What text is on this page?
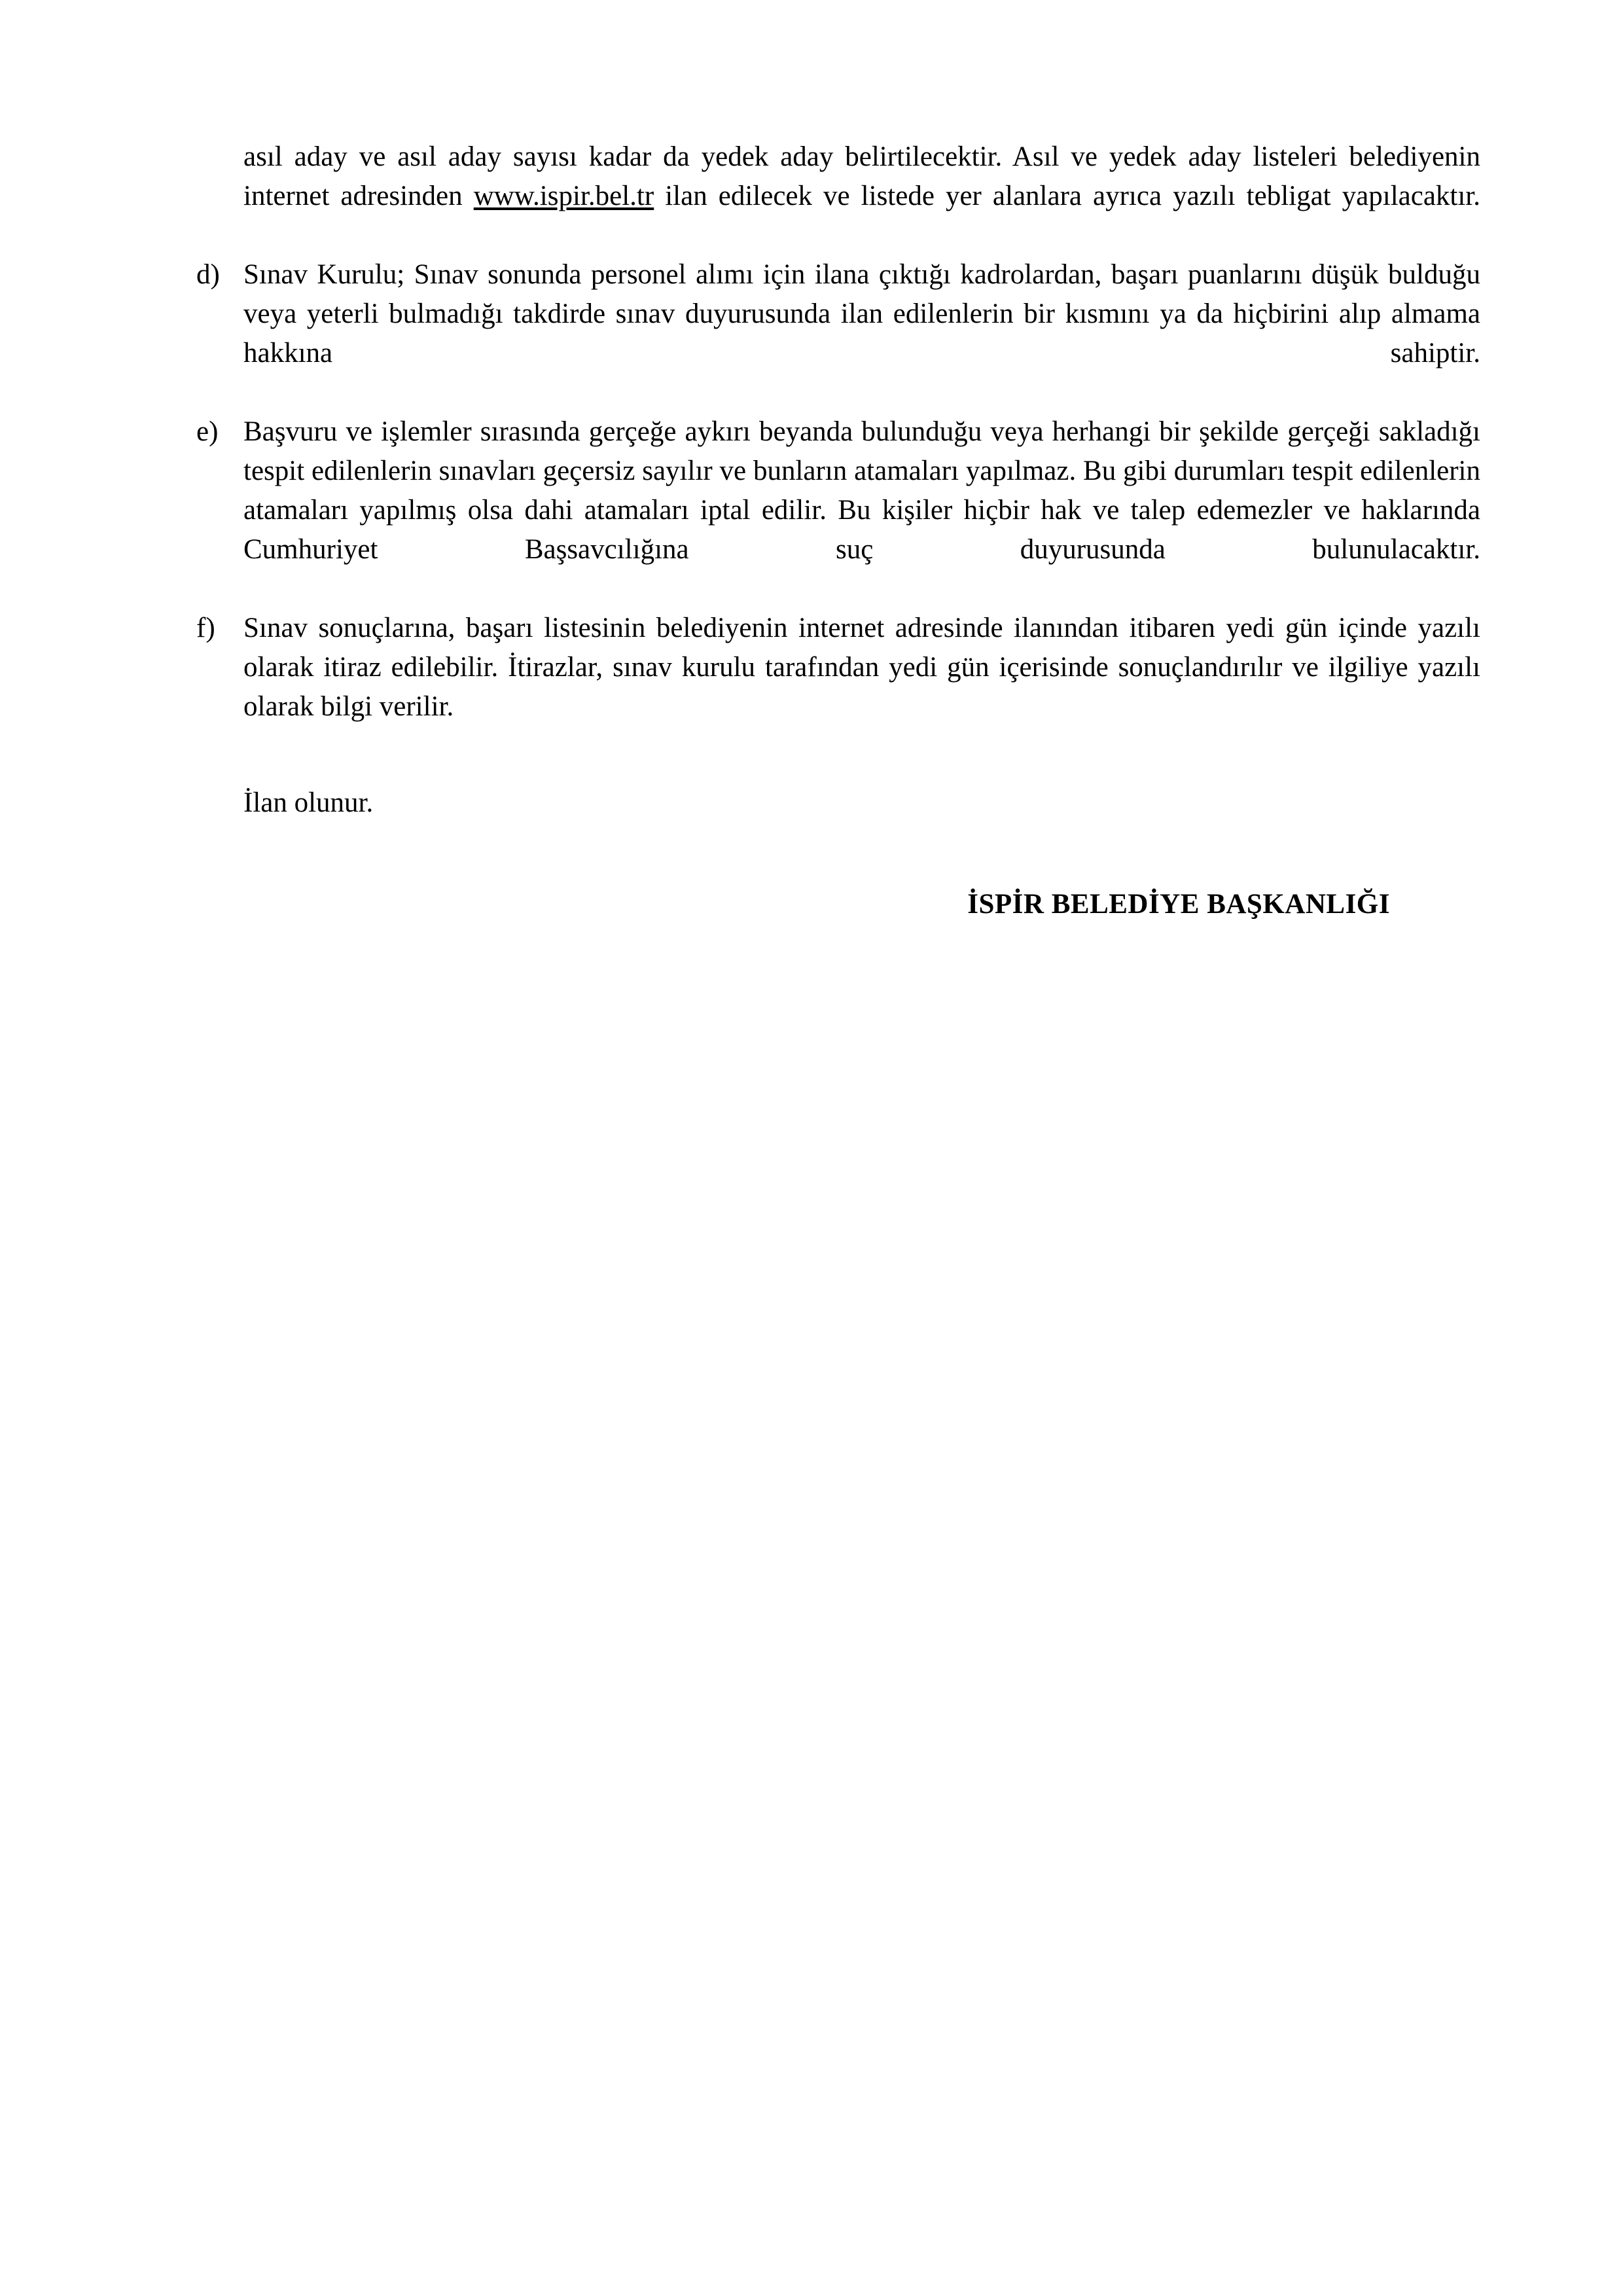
asıl aday ve asıl aday sayısı kadar da yedek aday belirtilecektir. Asıl ve yedek aday listeleri belediyenin internet adresinden www.ispir.bel.tr ilan edilecek ve listede yer alanlara ayrıca yazılı tebligat yapılacaktır.

d) Sınav Kurulu; Sınav sonunda personel alımı için ilana çıktığı kadrolardan, başarı puanlarını düşük bulduğu veya yeterli bulmadığı takdirde sınav duyurusunda ilan edilenlerin bir kısmını ya da hiçbirini alıp almama hakkına sahiptir.
e) Başvuru ve işlemler sırasında gerçeğe aykırı beyanda bulunduğu veya herhangi bir şekilde gerçeği sakladığı tespit edilenlerin sınavları geçersiz sayılır ve bunların atamaları yapılmaz. Bu gibi durumları tespit edilenlerin atamaları yapılmış olsa dahi atamaları iptal edilir. Bu kişiler hiçbir hak ve talep edemezler ve haklarında Cumhuriyet Başsavcılığına suç duyurusunda bulunulacaktır.
f)	Sınav sonuçlarına, başarı listesinin belediyenin internet adresinde ilanından itibaren yedi gün içinde yazılı olarak itiraz edilebilir. İtirazlar, sınav kurulu tarafından yedi gün içerisinde sonuçlandırılır ve ilgiliye yazılı olarak bilgi verilir.

İlan olunur.

İSPİR BELEDİYE BAŞKANLIĞI
